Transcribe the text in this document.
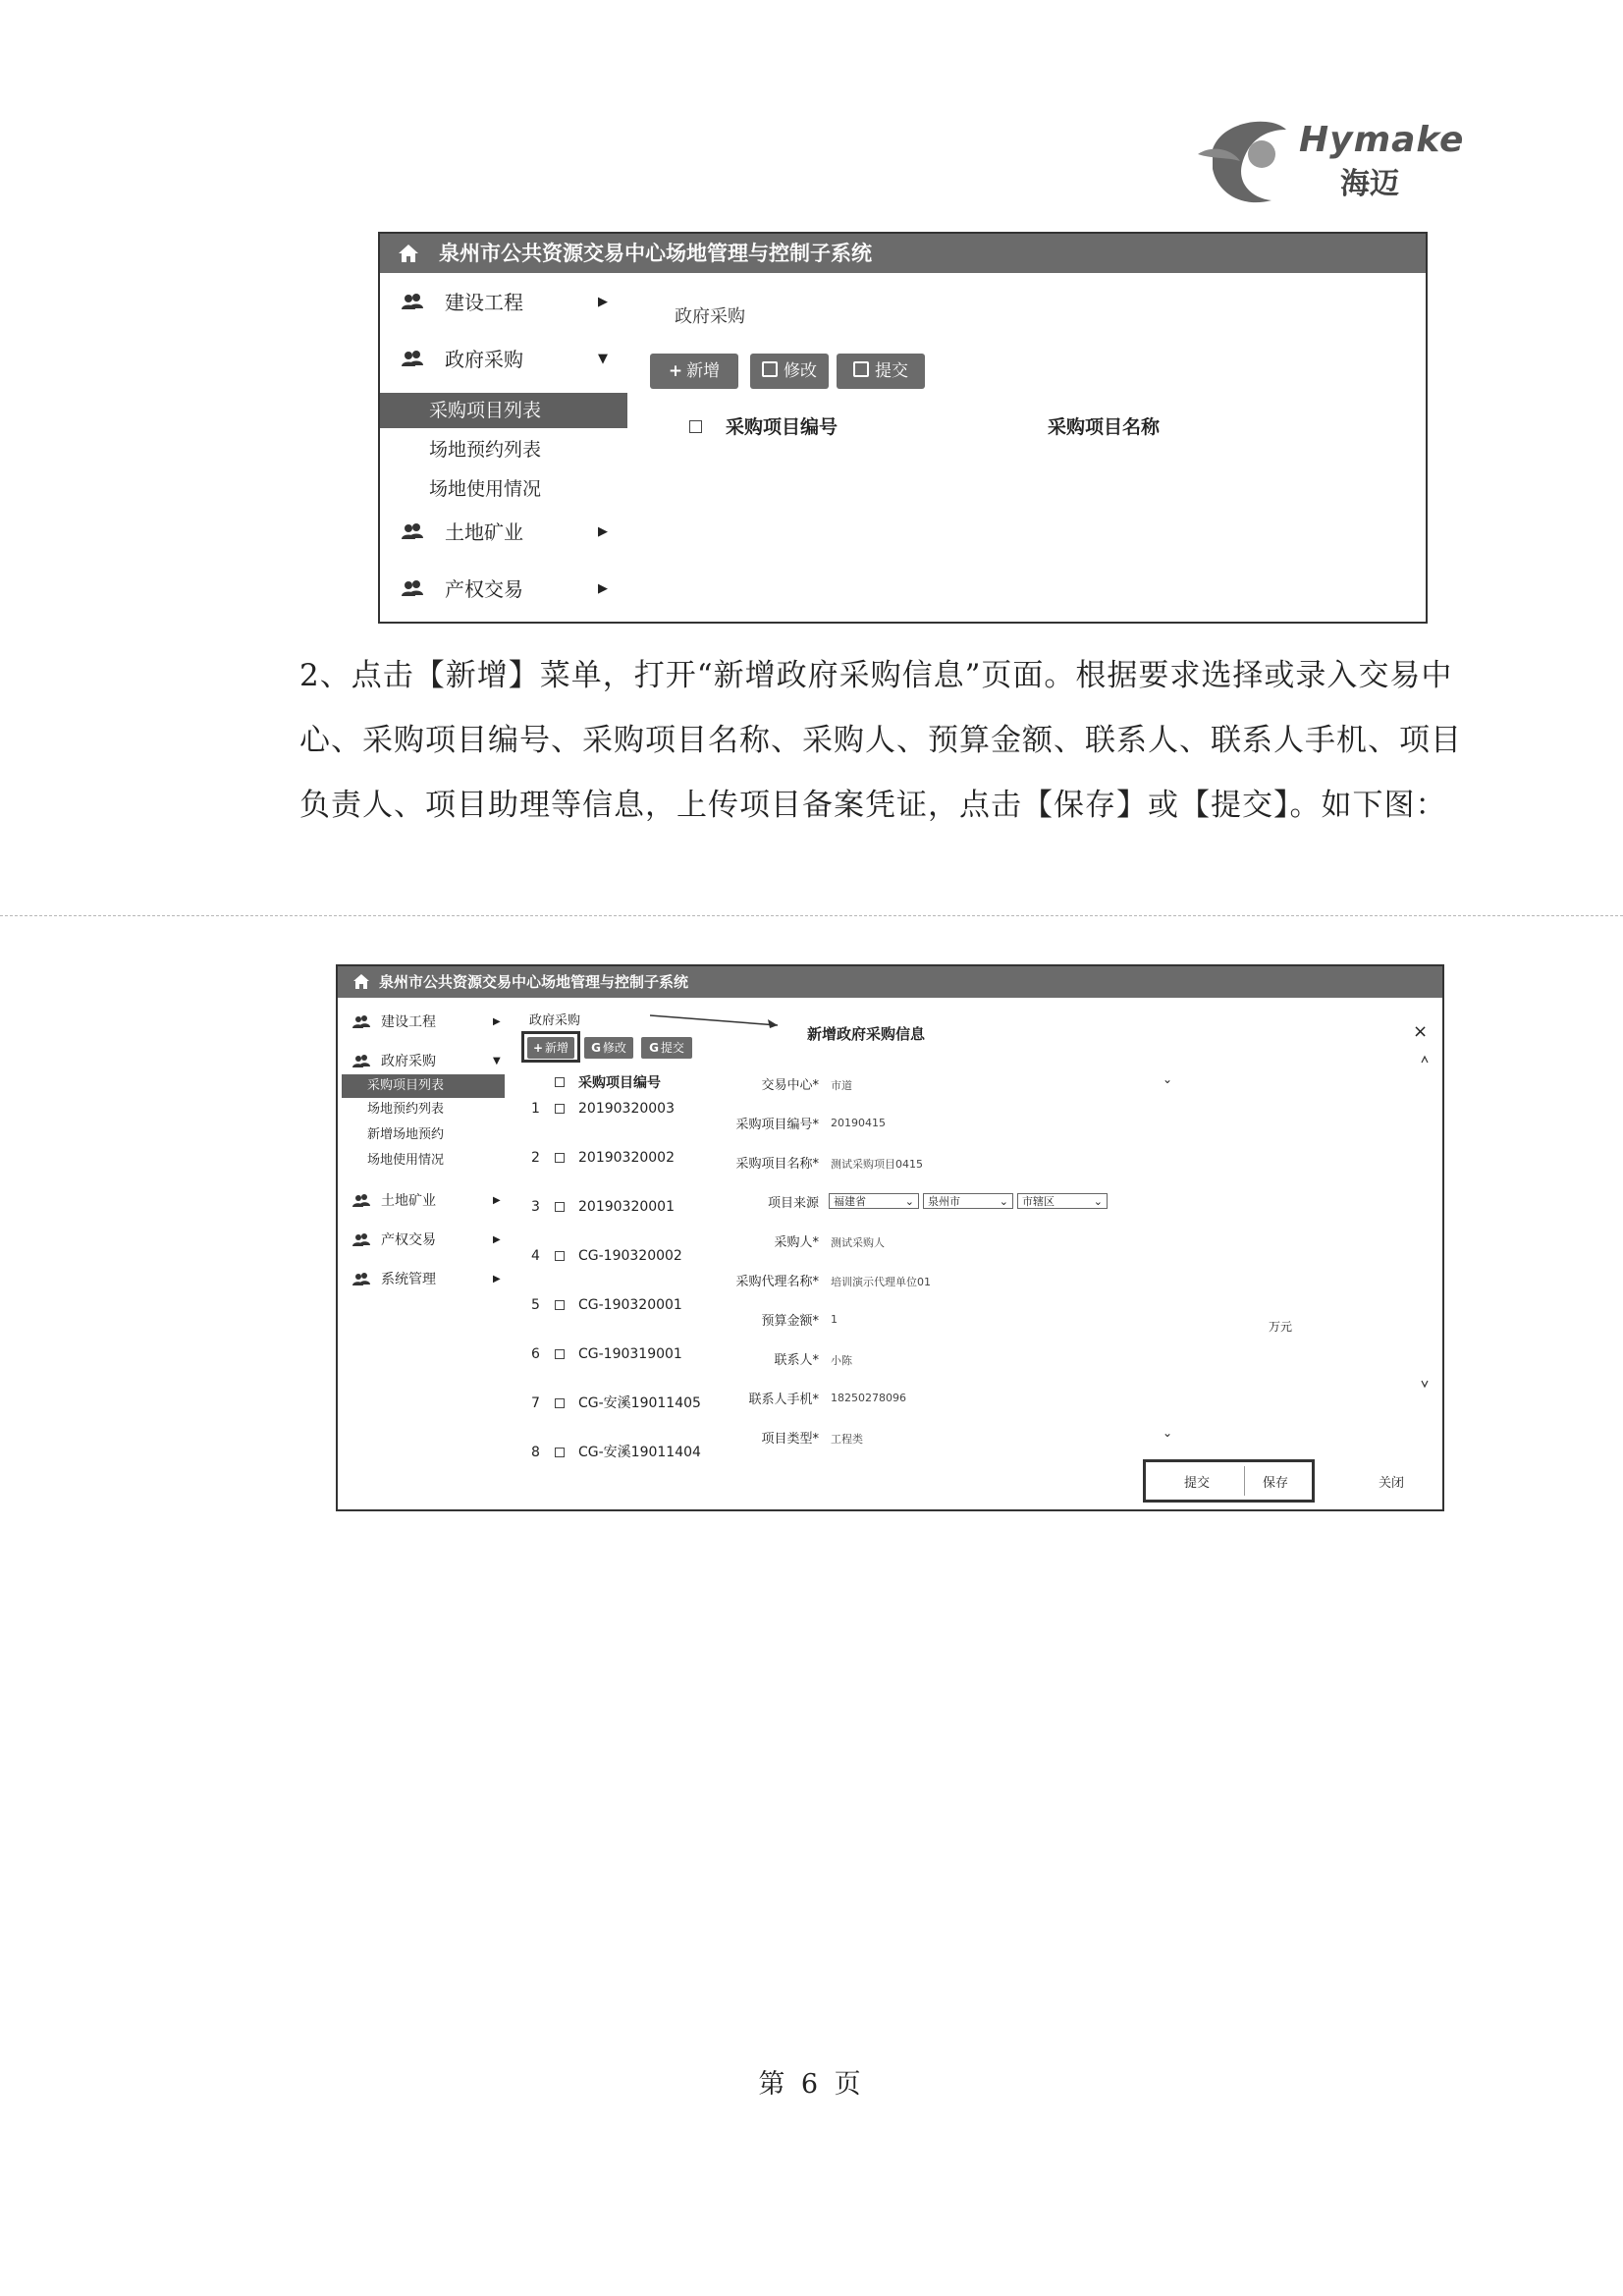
Hymake
海迈
泉州市公共资源交易中心场地管理与控制子系统
建设工程	▶
政府采购	▼
采购项目列表
场地预约列表
场地使用情况
土地矿业	▶
产权交易	▶
政府采购
+ 新增	修改	提交
采购项目编号	采购项目名称
2、点击【新增】菜单，打开“新增政府采购信息”页面。根据要求选择或录入交易中心、采购项目编号、采购项目名称、采购人、预算金额、联系人、联系人手机、项目负责人、项目助理等信息，上传项目备案凭证，点击【保存】或【提交】。如下图：
泉州市公共资源交易中心场地管理与控制子系统
建设工程	▶
政府采购	▼
采购项目列表
场地预约列表
新增场地预约
场地使用情况
土地矿业	▶
产权交易	▶
系统管理	▶
政府采购
+ 新增	G 修改	G 提交
采购项目编号
1	20190320003
2	20190320002
3	20190320001
4	CG-190320002
5	CG-190320001
6	CG-190319001
7	CG-安溪19011405
8	CG-安溪19011404
新增政府采购信息	×
交易中心* 市道	⌄
采购项目编号* 20190415
采购项目名称* 测试采购项目0415
项目来源	福建省	⌄	泉州市	⌄	市辖区	⌄
采购人* 测试采购人
采购代理名称* 培训演示代理单位01
预算金额* 1
万元
联系人* 小陈
联系人手机* 18250278096
项目类型* 工程类	⌄
提交	保存	关闭
第 6 页
